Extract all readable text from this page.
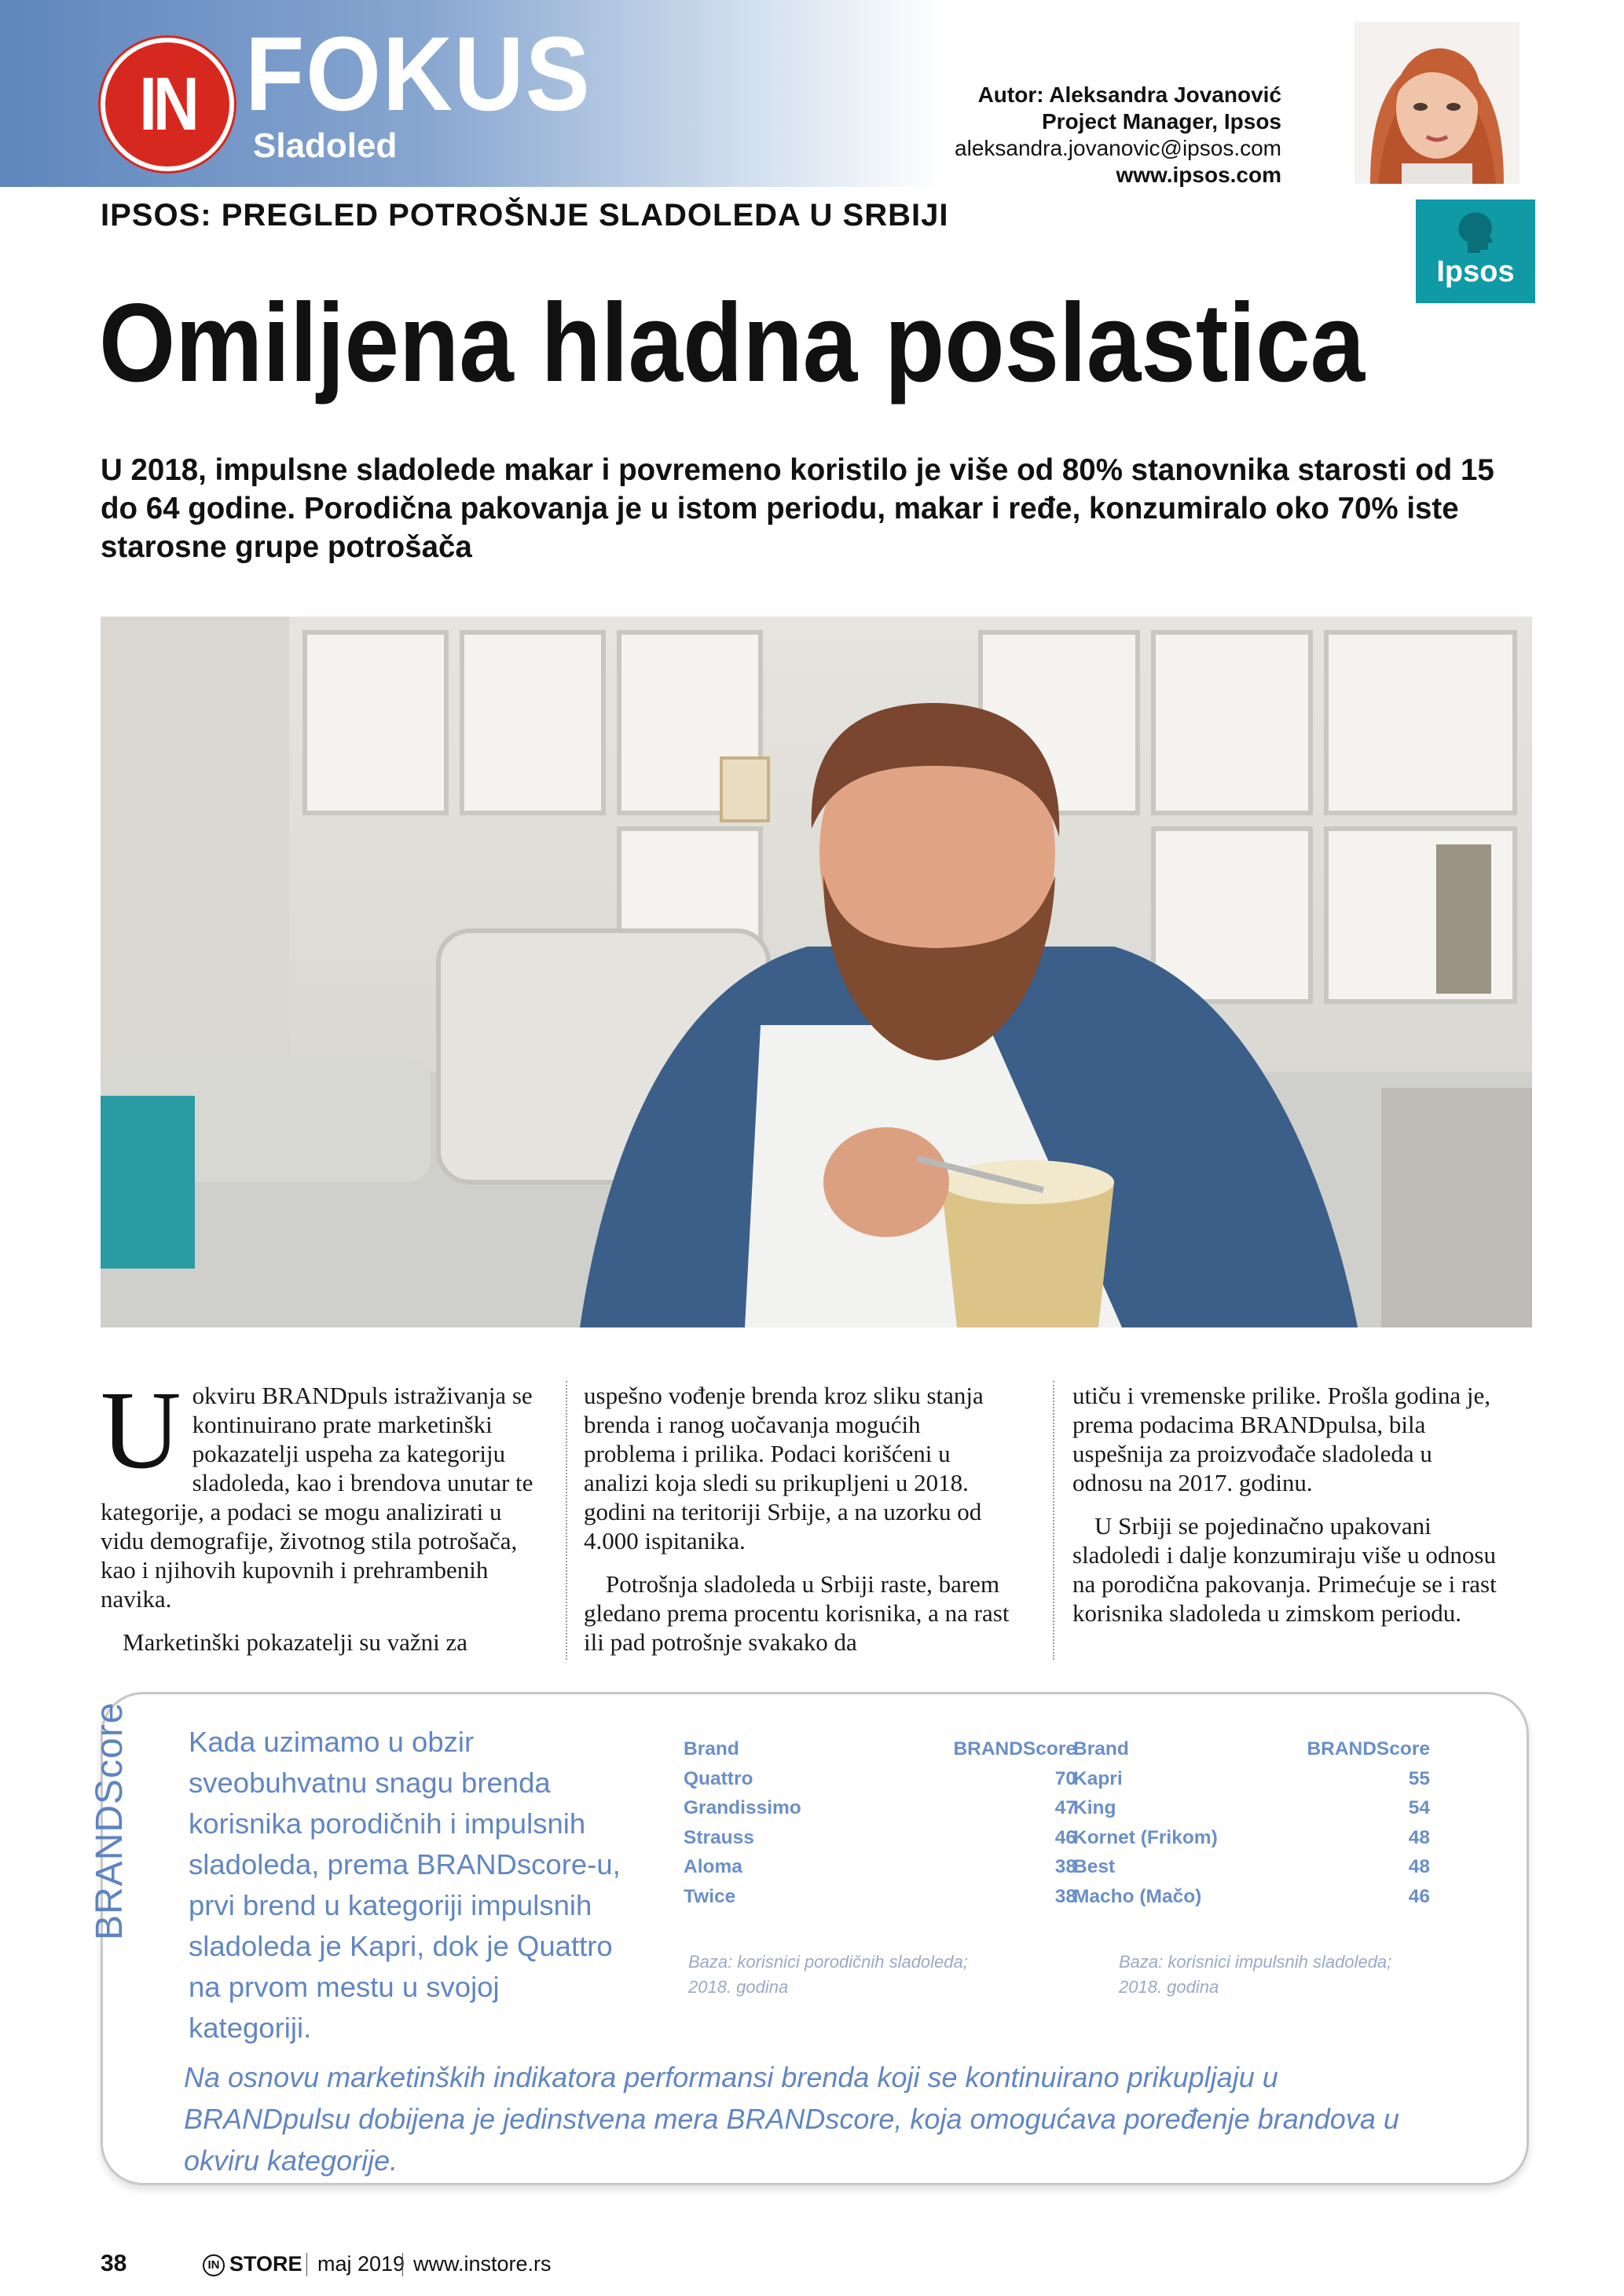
IN FOKUS
Sladoled
Autor: Aleksandra Jovanović
Project Manager, Ipsos
aleksandra.jovanovic@ipsos.com
www.ipsos.com
Ipsos
IPSOS: PREGLED POTROŠNJE SLADOLEDA U SRBIJI
Omiljena hladna poslastica
U 2018, impulsne sladolede makar i povremeno koristilo je više od 80% stanovnika starosti od 15 do 64 godine. Porodična pakovanja je u istom periodu, makar i ređe, konzumiralo oko 70% iste starosne grupe potrošača

Uokviru BRANDpuls istraživanja se kontinuirano prate marketinški pokazatelji uspeha za kategoriju sladoleda, kao i brendova unutar te kategorije, a podaci se mogu analizirati u vidu demografije, životnog stila potrošača, kao i njihovih kupovnih i prehrambenih navika.

Marketinški pokazatelji su važni za

uspešno vođenje brenda kroz sliku stanja brenda i ranog uočavanja mogućih problema i prilika. Podaci korišćeni u analizi koja sledi su prikupljeni u 2018. godini na teritoriji Srbije, a na uzorku od 4.000 ispitanika.

Potrošnja sladoleda u Srbiji raste, barem gledano prema procentu korisnika, a na rast ili pad potrošnje svakako da

utiču i vremenske prilike. Prošla godina je, prema podacima BRANDpulsa, bila uspešnija za proizvođače sladoleda u odnosu na 2017. godinu.

U Srbiji se pojedinačno upakovani sladoledi i dalje konzumiraju više u odnosu na porodična pakovanja. Primećuje se i rast korisnika sladoleda u zimskom periodu.

BRANDScore Kada uzimamo u obzir sveobuhvatnu snagu brenda korisnika porodičnih i impulsnih sladoleda, prema BRANDscore-u, prvi brend u kategoriji impulsnih sladoleda je Kapri, dok je Quattro na prvom mestu u svojoj kategoriji.
Brand	BRANDScore
Quattro	70
Grandissimo	47
Strauss	46
Aloma	38
Twice	38
Brand	BRANDScore
Kapri	55
King	54
Kornet (Frikom)	48
Best	48
Macho (Mačo)	46
Baza: korisnici porodičnih sladoleda; 2018. godina
Baza: korisnici impulsnih sladoleda; 2018. godina
Na osnovu marketinških indikatora performansi brenda koji se kontinuirano prikupljaju u BRANDpulsu dobijena je jedinstvena mera BRANDscore, koja omogućava poređenje brandova u okviru kategorije.
38	IN STORE maj 2019 www.instore.rs
